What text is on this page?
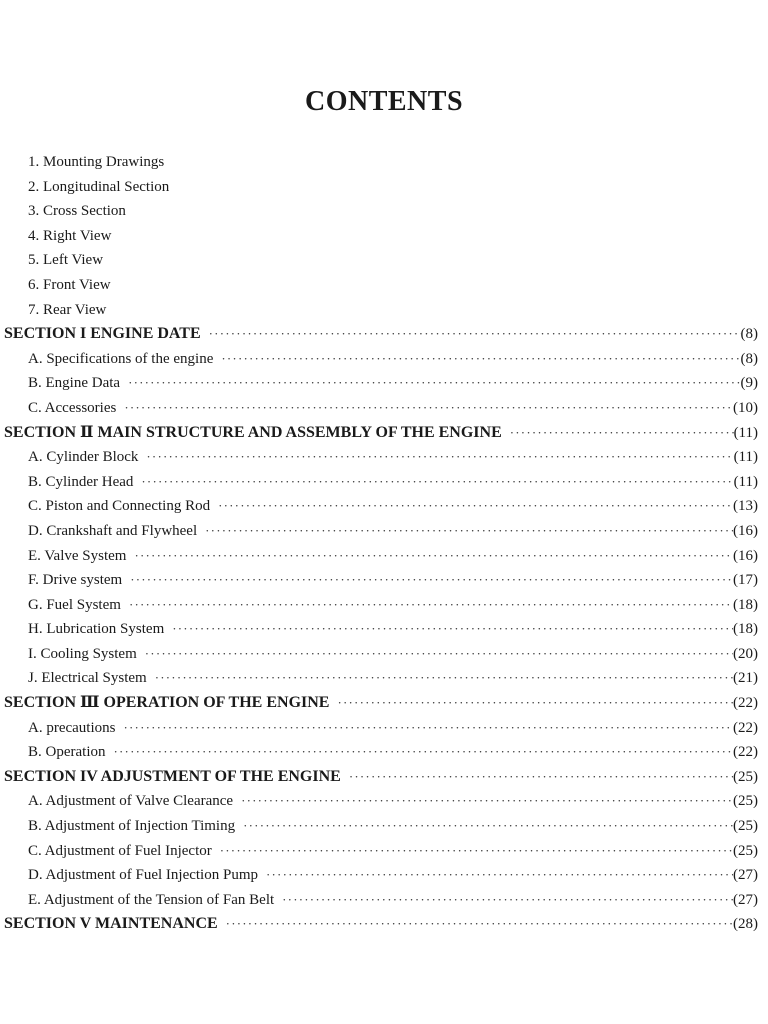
CONTENTS
1. Mounting Drawings
2. Longitudinal Section
3. Cross Section
4. Right View
5. Left View
6. Front View
7. Rear View
SECTION I ENGINE DATE ·····	(8)
A. Specifications of the engine ·····	(8)
B. Engine Data ·····	(9)
C. Accessories ·····	(10)
SECTION Ⅱ MAIN STRUCTURE AND ASSEMBLY OF THE ENGINE ·····	(11)
A. Cylinder Block ·····	(11)
B. Cylinder Head ·····	(11)
C. Piston and Connecting Rod ·····	(13)
D. Crankshaft and Flywheel ·····	(16)
E. Valve System ·····	(16)
F. Drive system ·····	(17)
G. Fuel System ·····	(18)
H. Lubrication System ·····	(18)
I. Cooling System ·····	(20)
J. Electrical System ·····	(21)
SECTION Ⅲ OPERATION OF THE ENGINE ·····	(22)
A. precautions ·····	(22)
B. Operation ·····	(22)
SECTION IV ADJUSTMENT OF THE ENGINE ·····	(25)
A. Adjustment of Valve Clearance ·····	(25)
B. Adjustment of Injection Timing ·····	(25)
C. Adjustment of Fuel Injector ·····	(25)
D. Adjustment of Fuel Injection Pump ·····	(27)
E. Adjustment of the Tension of Fan Belt ·····	(27)
SECTION V MAINTENANCE ·····	(28)
